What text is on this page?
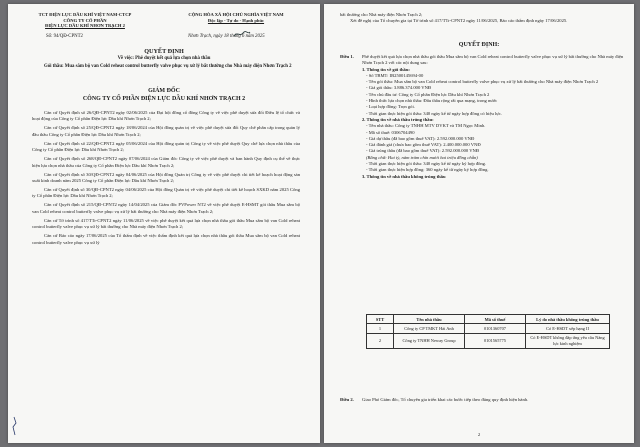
TCT ĐIỆN LỰC DẦU KHÍ VIỆT NAM-CTCP
CÔNG TY CỔ PHẦN
ĐIỆN LỰC DẦU KHÍ NHƠN TRẠCH 2
CỘNG HÒA XÃ HỘI CHỦ NGHĨA VIỆT NAM
Độc lập - Tự do - Hạnh phúc
Số: 94/QĐ-CPNT2	Nhơn Trạch, ngày 18 tháng 6 năm 2025
QUYẾT ĐỊNH
Về việc: Phê duyệt kết quả lựa chọn nhà thầu
Gói thầu: Mua sắm bộ van Cold reheat control butterfly valve phục vụ xử lý bất thường cho Nhà máy điện Nhơn Trạch 2
GIÁM ĐỐC
CÔNG TY CỔ PHẦN ĐIỆN LỰC DẦU KHÍ NHƠN TRẠCH 2

Căn cứ Quyết định số 26/QĐ-CPNT2 ngày 02/06/2025 của Đại hội đồng cổ đông Công ty về việc phê duyệt sửa đổi Điều lệ tổ chức và hoạt động của Công ty Cổ phần Điện lực Dầu khí Nhơn Trạch 2;

Căn cứ Quyết định số 25/QĐ-CPNT2 ngày 18/06/2024 của Hội đồng quản trị về việc phê duyệt sửa đổi Quy chế phân cấp trong quản lý đầu thầu Công ty Cổ phần Điện lực Dầu khí Nhơn Trạch 2;

Căn cứ Quyết định số 22/QĐ-CPNT2 ngày 05/06/2024 của Hội đồng quản trị Công ty về việc phê duyệt Quy chế lựa chọn nhà thầu của Công ty Cổ phần Điện lực Dầu khí Nhơn Trạch 2;

Căn cứ Quyết định số 268/QĐ-CPNT2 ngày 07/06/2024 của Giám đốc Công ty về việc phê duyệt và ban hành Quy định cụ thể về thực hiện lựa chọn nhà thầu của Công ty Cổ phần Điện lực Dầu khí Nhơn Trạch 2;

Căn cứ Quyết định số 30/QĐ-CPNT2 ngày 04/06/2025 của Hội đồng Quản trị Công ty về việc phê duyệt chi tiết kế hoạch hoạt động sản xuất kinh doanh năm 2025 Công ty Cổ phần Điện lực Dầu khí Nhơn Trạch 2;

Căn cứ Quyết định số 30/QĐ-CPNT2 ngày 04/06/2025 của Hội đồng Quản trị về việc phê duyệt chi tiết kế hoạch SXKD năm 2025 Công ty Cổ phần Điện lực Dầu khí Nhơn Trạch 2;

Căn cứ Quyết định số 215/QĐ-CPNT2 ngày 14/04/2025 của Giám đốc PVPower NT2 về việc phê duyệt E-HSMT gói thầu Mua sắm bộ van Cold reheat control butterfly valve phục vụ xử lý bất thường cho Nhà máy điện Nhơn Trạch 2;

Căn cứ Tờ trình số 417/TTr-CPNT2 ngày 11/06/2025 về việc phê duyệt kết quả lựa chọn nhà thầu gói thầu Mua sắm bộ van Cold reheat control butterfly valve phục vụ xử lý bất thường cho Nhà máy điện Nhơn Trạch 2;

Căn cứ Báo cáo ngày 17/06/2025 của Tổ thẩm định về việc thẩm định kết quả lựa chọn nhà thầu gói thầu Mua sắm bộ van Cold reheat control butterfly valve phục vụ xử lý

bất thường cho Nhà máy điện Nhơn Trạch 2;

Xét đề nghị của Tổ chuyên gia tại Tờ trình số 417/TTr-CPNT2 ngày 11/06/2025, Báo cáo thẩm định ngày 17/06/2025.

QUYẾT ĐỊNH:
Điều 1.	Phê duyệt kết quả lựa chọn nhà thầu gói thầu Mua sắm bộ van Cold reheat control butterfly valve phục vụ xử lý bất thường cho Nhà máy điện Nhơn Trạch 2 với các nội dung sau:
1. Thông tin về gói thầu:
- Số TBMT: IB2500145694-00
- Tên gói thầu: Mua sắm bộ van Cold reheat control butterfly valve phục vụ xử lý bất thường cho Nhà máy điện Nhơn Trạch 2
- Giá gói thầu: 3.886.374.000 VNĐ
- Tên chủ đầu tư: Công ty Cổ phần Điện lực Dầu khí Nhơn Trạch 2
- Hình thức lựa chọn nhà thầu: Đấu thầu rộng rãi qua mạng, trong nước
- Loại hợp đồng: Trọn gói.
- Thời gian thực hiện gói thầu: 340 ngày kể từ ngày hợp đồng có hiệu lực.
2. Thông tin về nhà thầu trúng thầu:
- Tên nhà thầu: Công ty TNHH MTV DVKT và TM Ngọc Minh.
- Mã số thuế: 0306704490
- Giá dự thầu (đã bao gồm thuế VAT): 2.592.000.000 VNĐ
- Giá đánh giá (chưa bao gồm thuế VAT): 2.400.000.000 VNĐ
- Giá trúng thầu (đã bao gồm thuế VAT): 2.592.000.000 VNĐ
(Bằng chữ: Hai tỷ, năm trăm chín mươi hai triệu đồng chẵn)
- Thời gian thực hiện gói thầu: 340 ngày kể từ ngày ký hợp đồng.
- Thời gian thực hiện hợp đồng: 360 ngày kể từ ngày ký hợp đồng.
3. Thông tin về nhà thầu không trúng thầu
STT	Tên nhà thầu	Mã số thuế	Lý do nhà thầu không trúng thầu
1	Công ty CP TMKT Hải Anh	0101360707	Có E-HSDT xếp hạng II
2	Công ty TNHH Neway Group	0101565775	Có E-HSDT không đáp ứng yêu cầu Năng lực kinh nghiệm
Điều 2.	Giao Phó Giám đốc, Tổ chuyên gia triển khai các bước tiếp theo đúng quy định hiện hành.
2
